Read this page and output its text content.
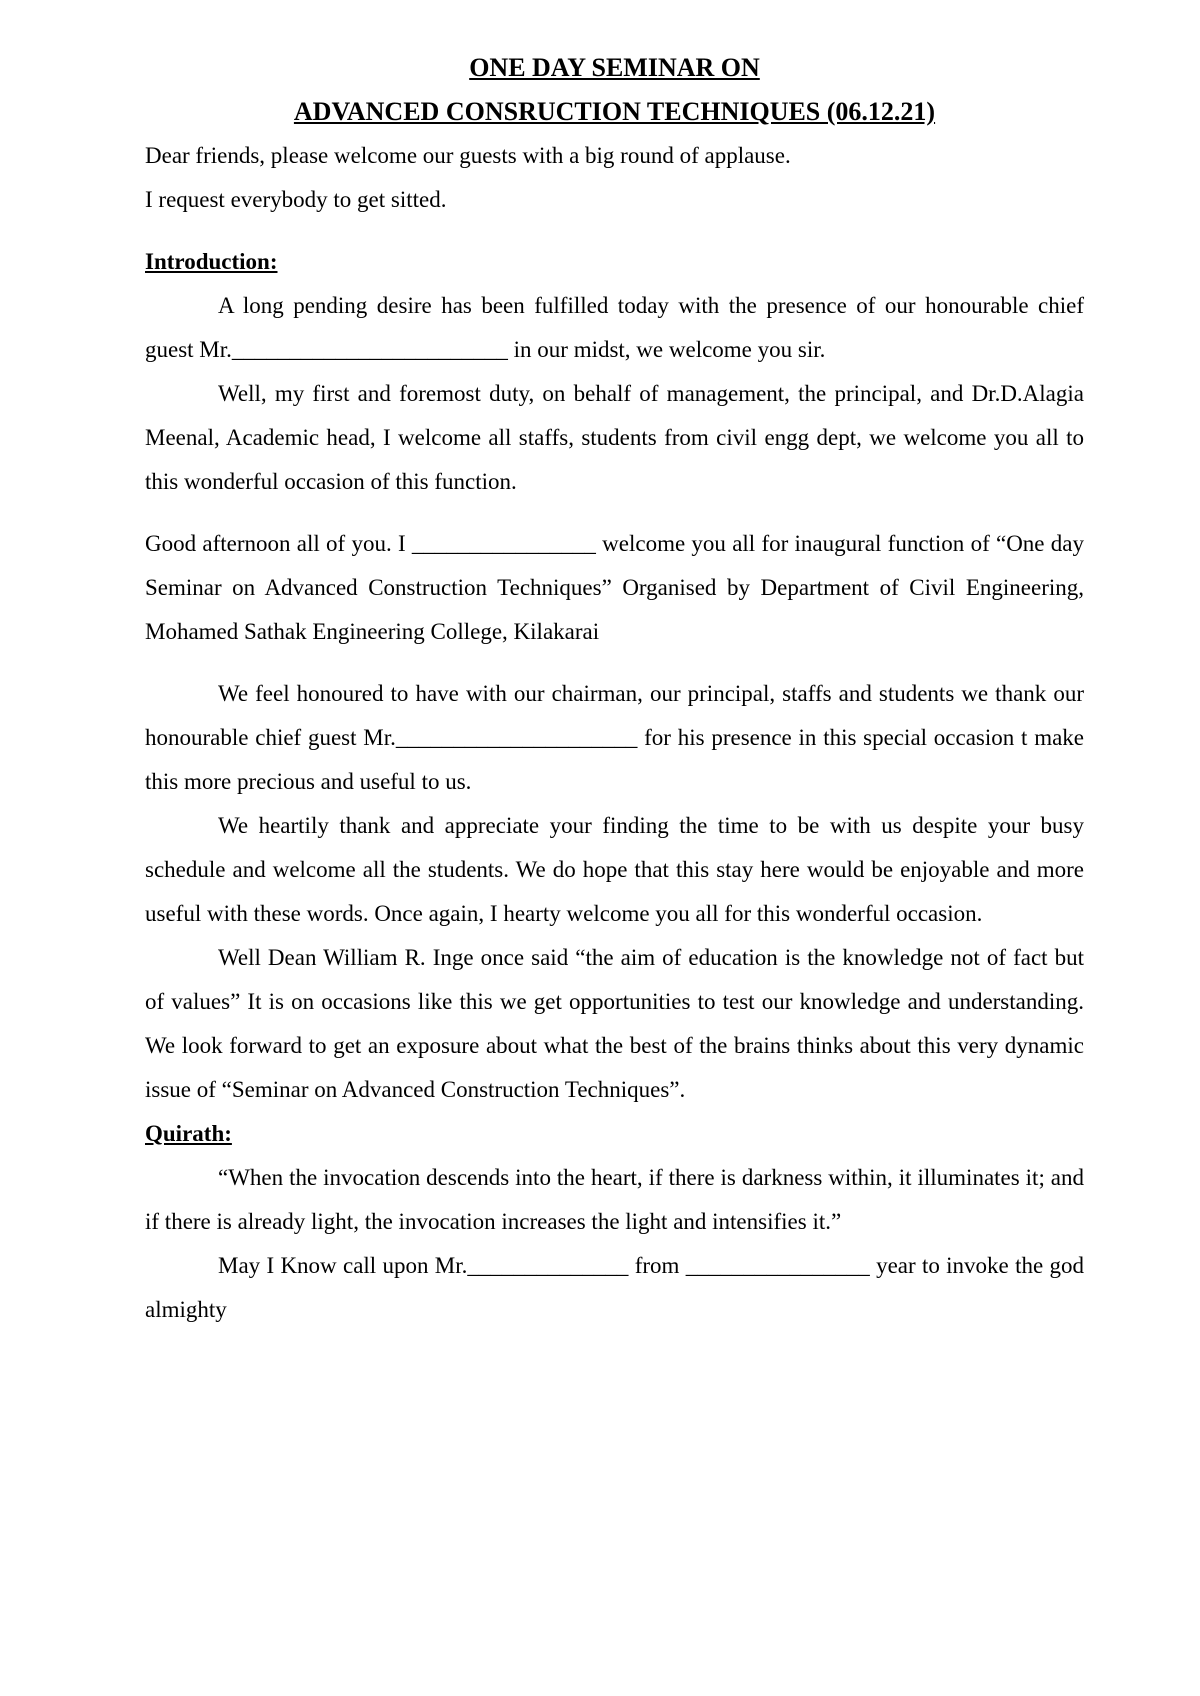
ONE DAY SEMINAR ON
ADVANCED CONSRUCTION TECHNIQUES (06.12.21)

Dear friends, please welcome our guests with a big round of applause.

I request everybody to get sitted.

Introduction:

A long pending desire has been fulfilled today with the presence of our honourable chief guest Mr.________________________ in our midst, we welcome you sir.

Well, my first and foremost duty, on behalf of management, the principal, and Dr.D.Alagia Meenal, Academic head, I welcome all staffs, students from civil engg dept, we welcome you all to this wonderful occasion of this function.

Good afternoon all of you. I ________________ welcome you all for inaugural function of “One day Seminar on Advanced Construction Techniques” Organised by Department of Civil Engineering, Mohamed Sathak Engineering College, Kilakarai

We feel honoured to have with our chairman, our principal, staffs and students we thank our honourable chief guest Mr._____________________ for his presence in this special occasion t make this more precious and useful to us.

We heartily thank and appreciate your finding the time to be with us despite your busy schedule and welcome all the students. We do hope that this stay here would be enjoyable and more useful with these words. Once again, I hearty welcome you all for this wonderful occasion.

Well Dean William R. Inge once said “the aim of education is the knowledge not of fact but of values” It is on occasions like this we get opportunities to test our knowledge and understanding. We look forward to get an exposure about what the best of the brains thinks about this very dynamic issue of “Seminar on Advanced Construction Techniques”.

Quirath:

“When the invocation descends into the heart, if there is darkness within, it illuminates it; and if there is already light, the invocation increases the light and intensifies it.”

May I Know call upon Mr.______________ from ________________ year to invoke the god almighty
